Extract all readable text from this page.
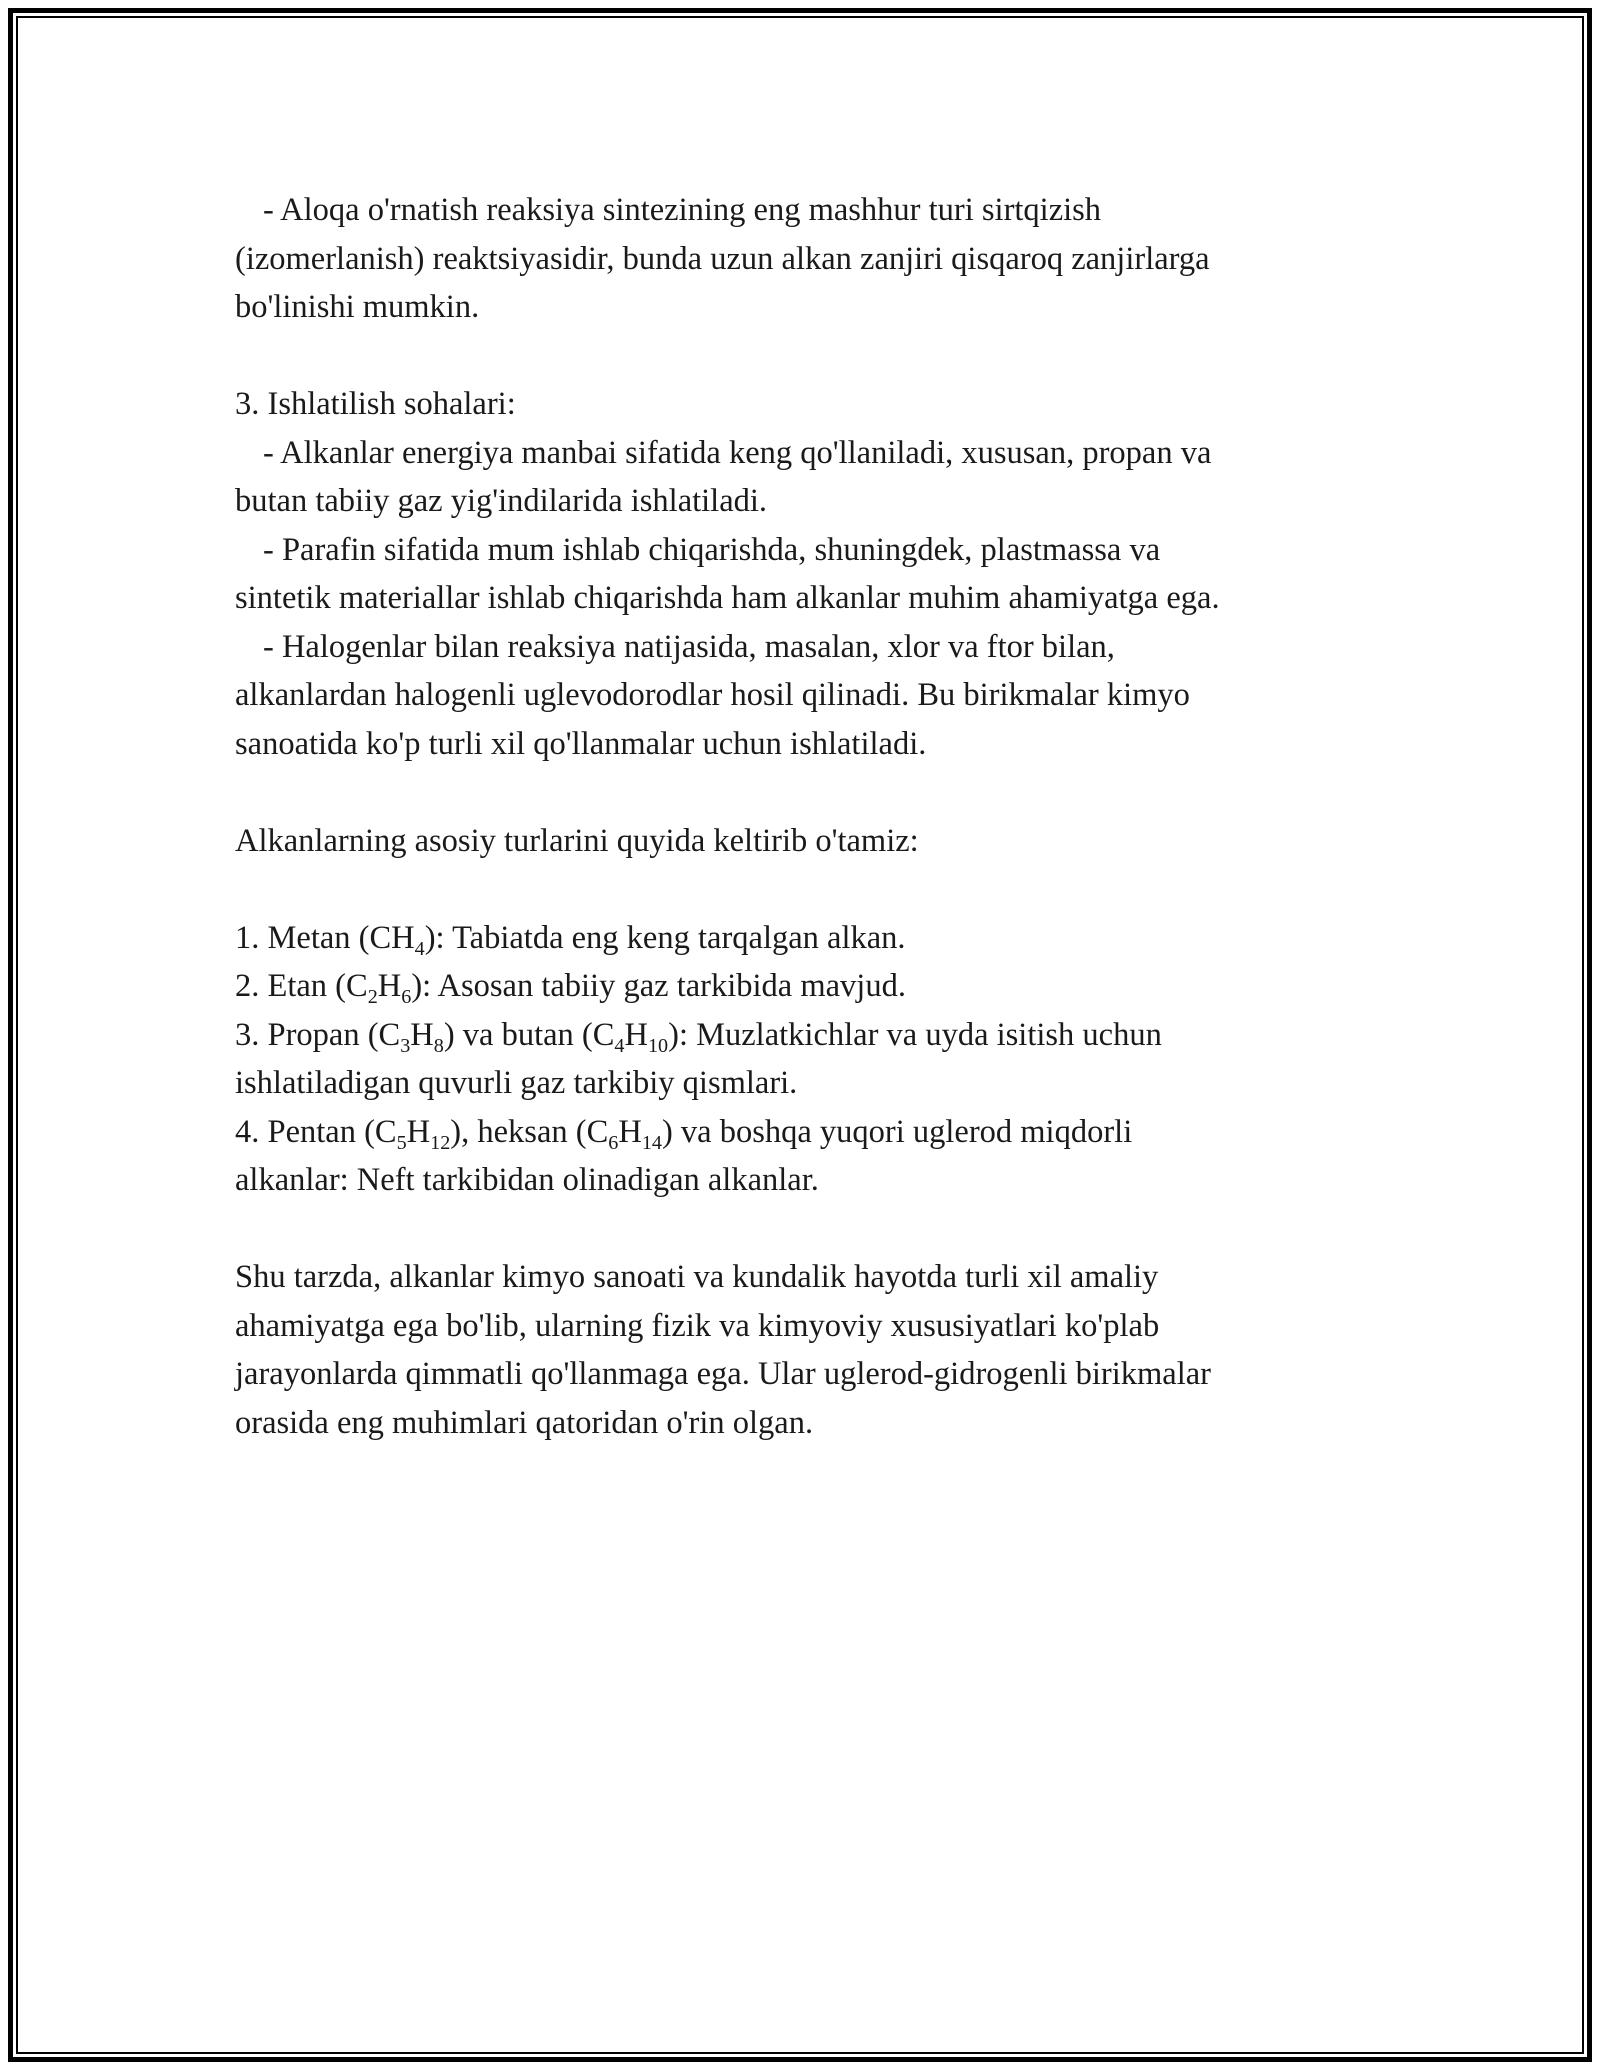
- Aloqa o'rnatish reaksiya sintezining eng mashhur turi sirtqizish

(izomerlanish) reaktsiyasidir, bunda uzun alkan zanjiri qisqaroq zanjirlarga

bo'linishi mumkin.

3. Ishlatilish sohalari:

- Alkanlar energiya manbai sifatida keng qo'llaniladi, xususan, propan va

butan tabiiy gaz yig'indilarida ishlatiladi.

- Parafin sifatida mum ishlab chiqarishda, shuningdek, plastmassa va

sintetik materiallar ishlab chiqarishda ham alkanlar muhim ahamiyatga ega.

- Halogenlar bilan reaksiya natijasida, masalan, xlor va ftor bilan,

alkanlardan halogenli uglevodorodlar hosil qilinadi. Bu birikmalar kimyo

sanoatida ko'p turli xil qo'llanmalar uchun ishlatiladi.

Alkanlarning asosiy turlarini quyida keltirib o'tamiz:

1. Metan $(CH_4)$: Tabiatda eng keng tarqalgan alkan.

2. Etan $(C_2H_6)$: Asosan tabiiy gaz tarkibida mavjud.

3. Propan $(C_3H_8)$ va butan $(C_4H_{10})$: Muzlatkichlar va uyda isitish uchun

ishlatiladigan quvurli gaz tarkibiy qismlari.

4. Pentan $(C_5H_{12})$, heksan $(C_6H_{14})$ va boshqa yuqori uglerod miqdorli

alkanlar: Neft tarkibidan olinadigan alkanlar.

Shu tarzda, alkanlar kimyo sanoati va kundalik hayotda turli xil amaliy

ahamiyatga ega bo'lib, ularning fizik va kimyoviy xususiyatlari ko'plab

jarayonlarda qimmatli qo'llanmaga ega. Ular uglerod-gidrogenli birikmalar

orasida eng muhimlari qatoridan o'rin olgan.
